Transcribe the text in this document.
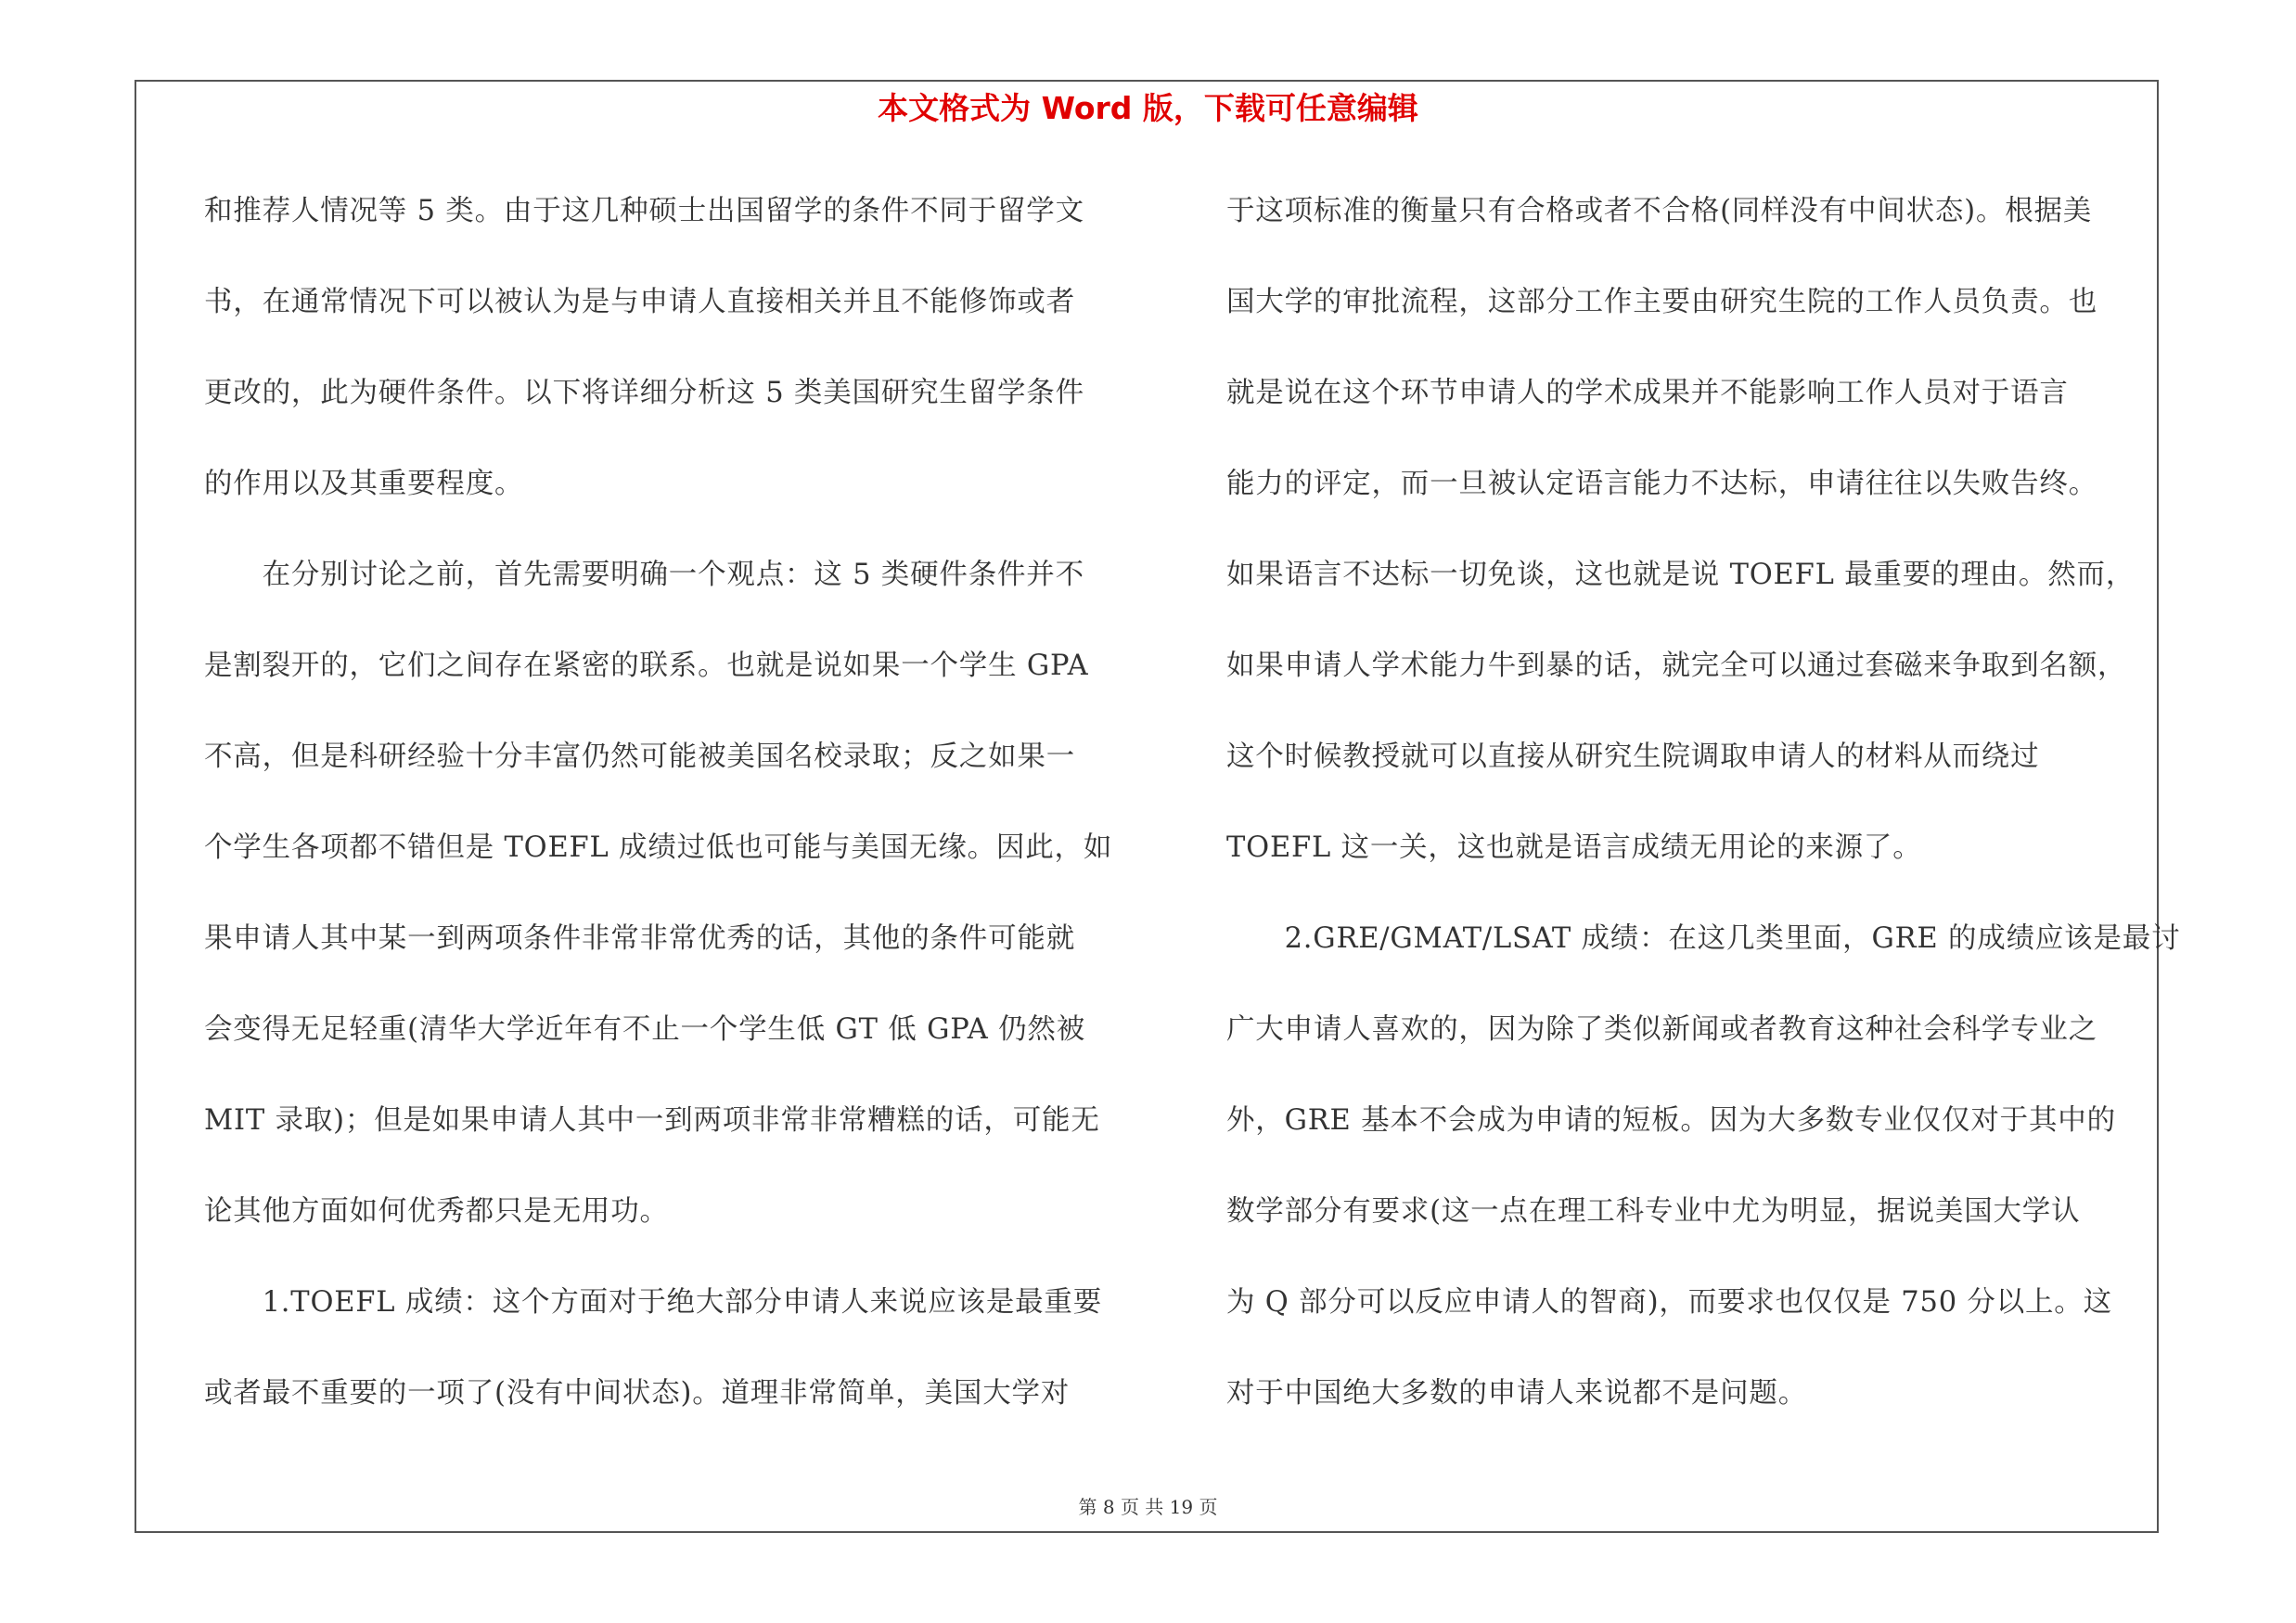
本文格式为 Word 版，下载可任意编辑
和推荐人情况等 5 类。由于这几种硕士出国留学的条件不同于留学文
书，在通常情况下可以被认为是与申请人直接相关并且不能修饰或者
更改的，此为硬件条件。以下将详细分析这 5 类美国研究生留学条件
的作用以及其重要程度。
　　在分别讨论之前，首先需要明确一个观点：这 5 类硬件条件并不
是割裂开的，它们之间存在紧密的联系。也就是说如果一个学生 GPA
不高，但是科研经验十分丰富仍然可能被美国名校录取；反之如果一
个学生各项都不错但是 TOEFL 成绩过低也可能与美国无缘。因此，如
果申请人其中某一到两项条件非常非常优秀的话，其他的条件可能就
会变得无足轻重(清华大学近年有不止一个学生低 GT 低 GPA 仍然被
MIT 录取)；但是如果申请人其中一到两项非常非常糟糕的话，可能无
论其他方面如何优秀都只是无用功。
　　1.TOEFL 成绩：这个方面对于绝大部分申请人来说应该是最重要
或者最不重要的一项了(没有中间状态)。道理非常简单，美国大学对
于这项标准的衡量只有合格或者不合格(同样没有中间状态)。根据美
国大学的审批流程，这部分工作主要由研究生院的工作人员负责。也
就是说在这个环节申请人的学术成果并不能影响工作人员对于语言
能力的评定，而一旦被认定语言能力不达标，申请往往以失败告终。
如果语言不达标一切免谈，这也就是说 TOEFL 最重要的理由。然而，
如果申请人学术能力牛到暴的话，就完全可以通过套磁来争取到名额，
这个时候教授就可以直接从研究生院调取申请人的材料从而绕过
TOEFL 这一关，这也就是语言成绩无用论的来源了。
　　2.GRE/GMAT/LSAT 成绩：在这几类里面，GRE 的成绩应该是最讨
广大申请人喜欢的，因为除了类似新闻或者教育这种社会科学专业之
外，GRE 基本不会成为申请的短板。因为大多数专业仅仅对于其中的
数学部分有要求(这一点在理工科专业中尤为明显，据说美国大学认
为 Q 部分可以反应申请人的智商)，而要求也仅仅是 750 分以上。这
对于中国绝大多数的申请人来说都不是问题。
第 8 页 共 19 页
